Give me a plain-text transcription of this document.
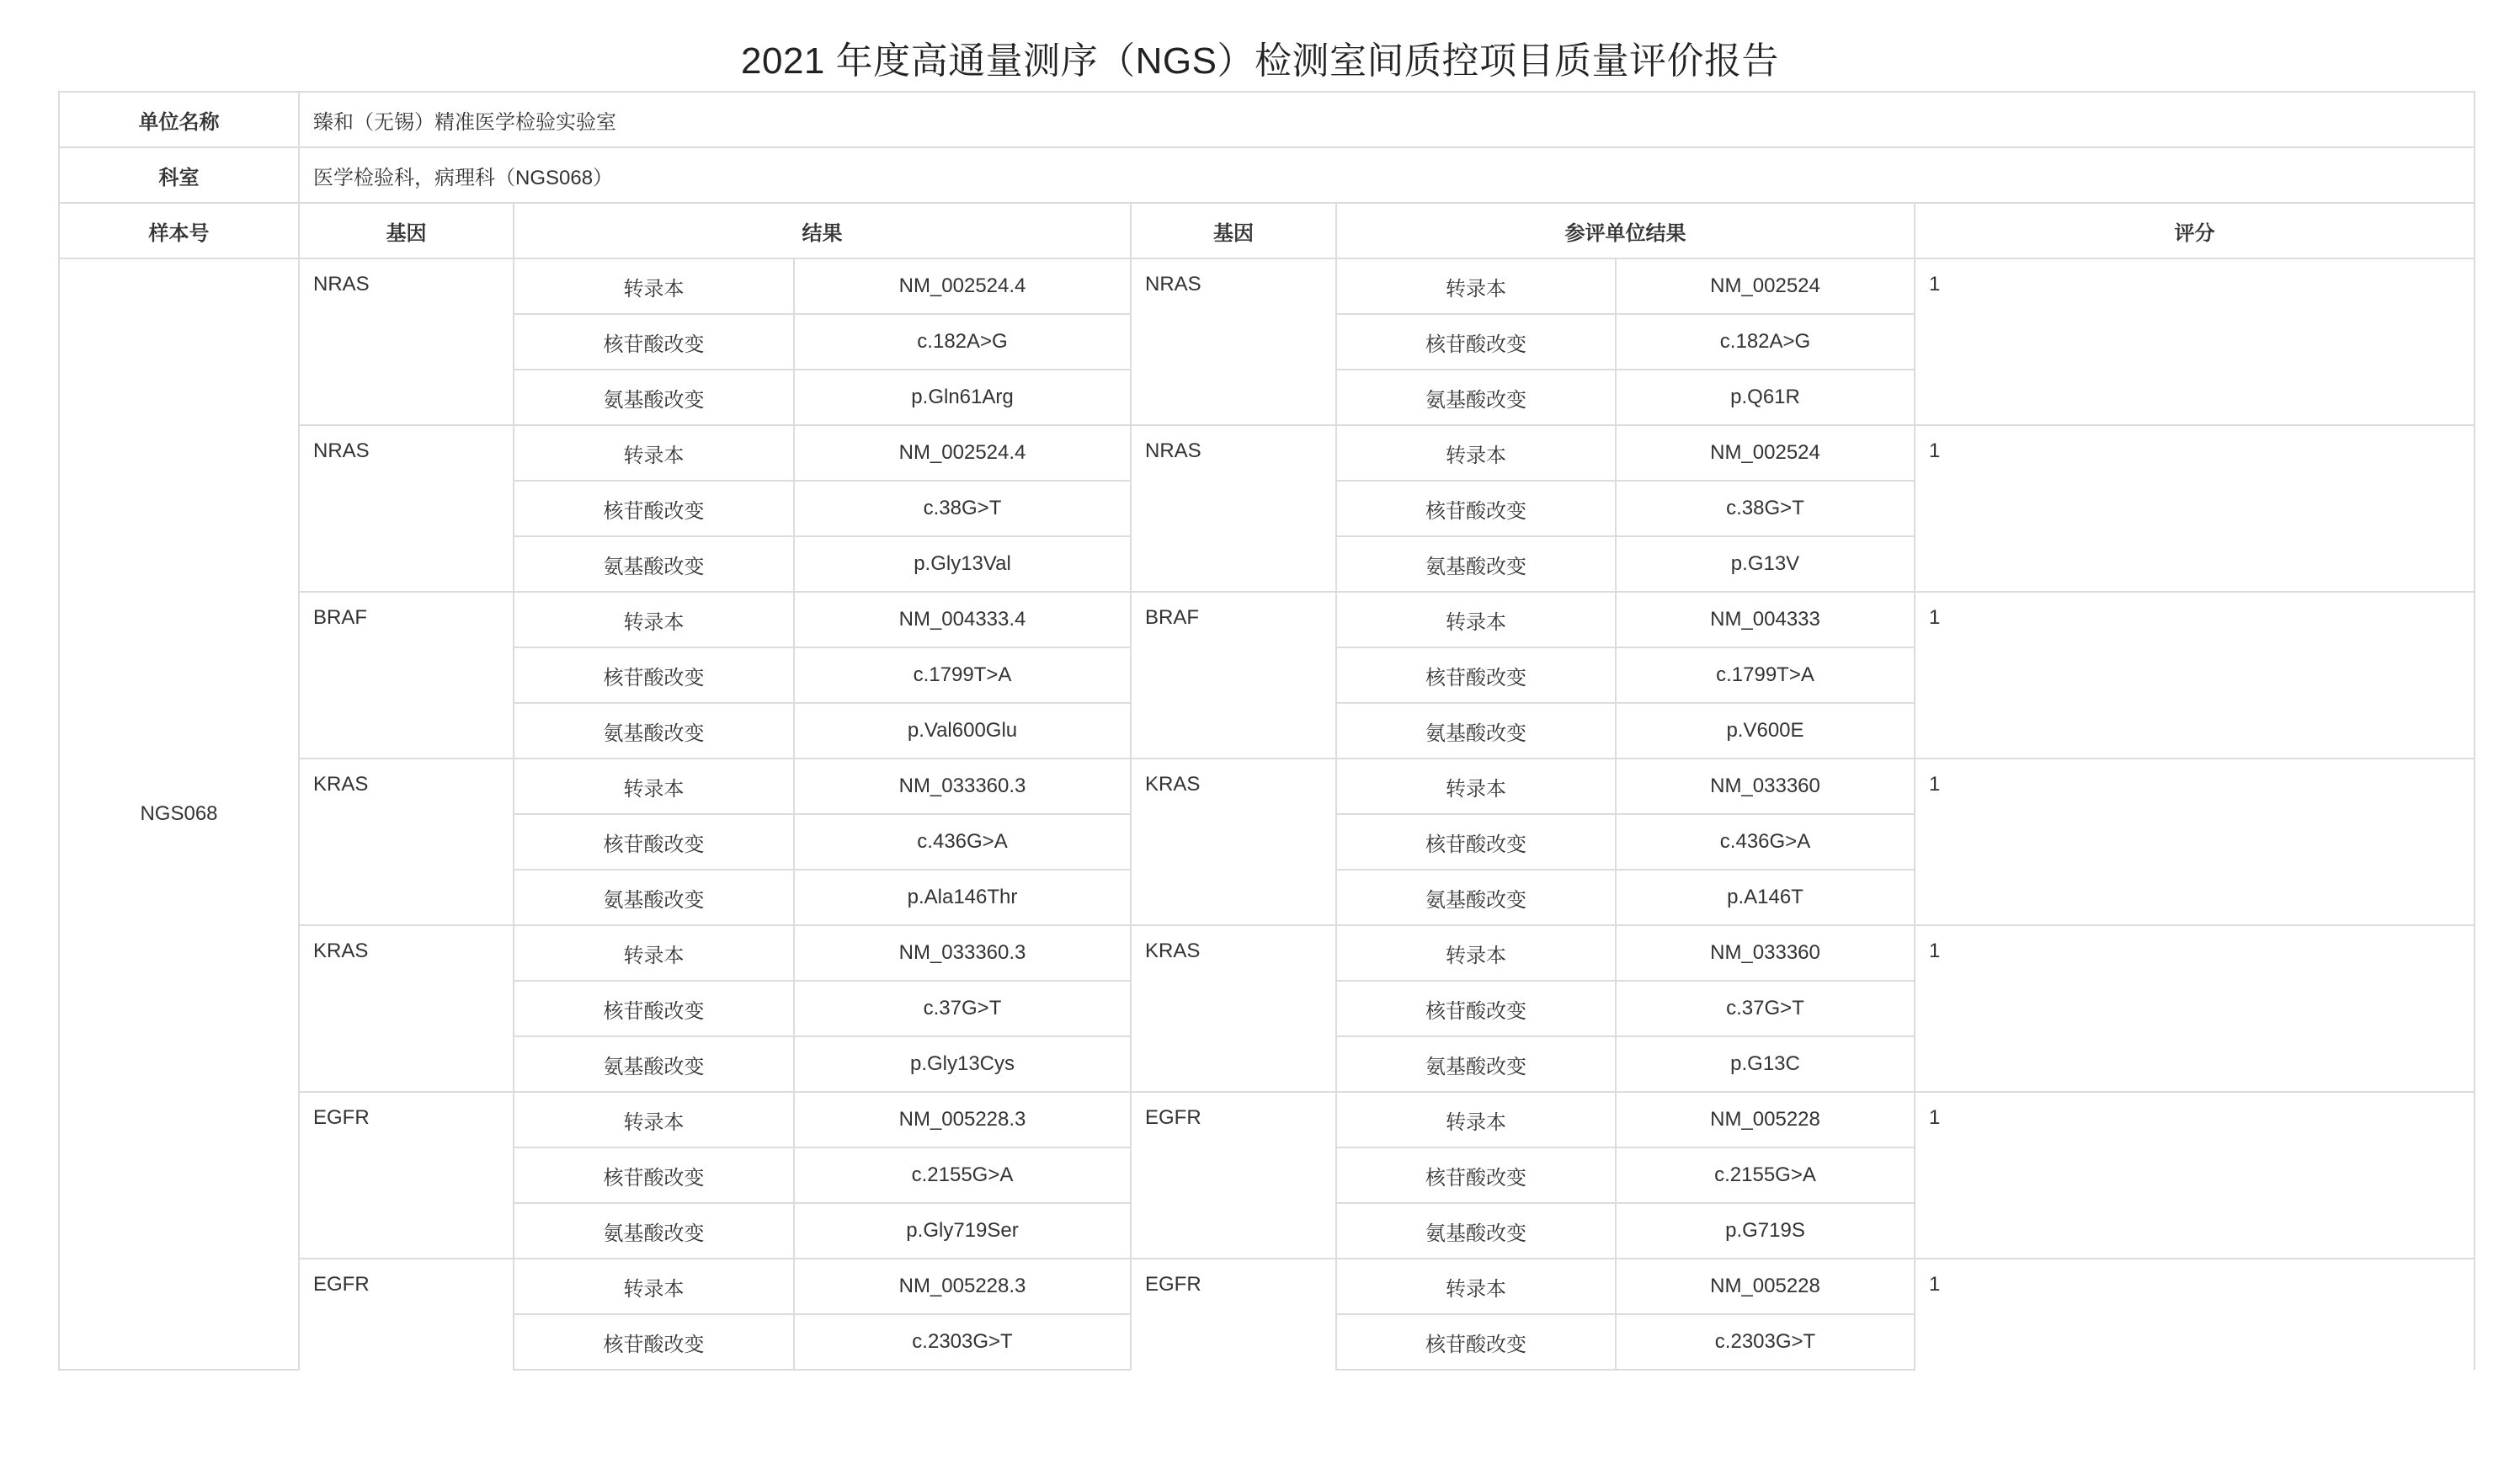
2021 年度高通量测序（NGS）检测室间质控项目质量评价报告
单位名称	臻和（无锡）精准医学检验实验室						
科室	医学检验科，病理科（NGS068）						
样本号	基因	结果		基因	参评单位结果		评分
NGS068	NRAS	转录本	NM_002524.4	NRAS	转录本	NM_002524	1
		核苷酸改变	c.182A>G		核苷酸改变	c.182A>G	
		氨基酸改变	p.Gln61Arg		氨基酸改变	p.Q61R	
	NRAS	转录本	NM_002524.4	NRAS	转录本	NM_002524	1
		核苷酸改变	c.38G>T		核苷酸改变	c.38G>T	
		氨基酸改变	p.Gly13Val		氨基酸改变	p.G13V	
	BRAF	转录本	NM_004333.4	BRAF	转录本	NM_004333	1
		核苷酸改变	c.1799T>A		核苷酸改变	c.1799T>A	
		氨基酸改变	p.Val600Glu		氨基酸改变	p.V600E	
	KRAS	转录本	NM_033360.3	KRAS	转录本	NM_033360	1
		核苷酸改变	c.436G>A		核苷酸改变	c.436G>A	
		氨基酸改变	p.Ala146Thr		氨基酸改变	p.A146T	
	KRAS	转录本	NM_033360.3	KRAS	转录本	NM_033360	1
		核苷酸改变	c.37G>T		核苷酸改变	c.37G>T	
		氨基酸改变	p.Gly13Cys		氨基酸改变	p.G13C	
	EGFR	转录本	NM_005228.3	EGFR	转录本	NM_005228	1
		核苷酸改变	c.2155G>A		核苷酸改变	c.2155G>A	
		氨基酸改变	p.Gly719Ser		氨基酸改变	p.G719S	
	EGFR	转录本	NM_005228.3	EGFR	转录本	NM_005228	1
		核苷酸改变	c.2303G>T		核苷酸改变	c.2303G>T	
